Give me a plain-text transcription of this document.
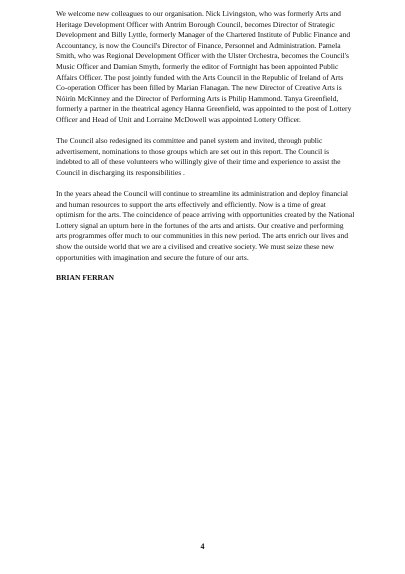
We welcome new colleagues to our organisation. Nick Livingston, who was formerly Arts and Heritage Development Officer with Antrim Borough Council, becomes Director of Strategic Development and Billy Lyttle, formerly Manager of the Chartered Institute of Public Finance and Accountancy, is now the Council's Director of Finance, Personnel and Administration. Pamela Smith, who was Regional Development Officer with the Ulster Orchestra, becomes the Council's Music Officer and Damian Smyth, formerly the editor of Fortnight has been appointed Public Affairs Officer. The post jointly funded with the Arts Council in the Republic of Ireland of Arts Co-operation Officer has been filled by Marian Flanagan. The new Director of Creative Arts is Nóirín McKinney and the Director of Performing Arts is Philip Hammond. Tanya Greenfield, formerly a partner in the theatrical agency Hanna Greenfield, was appointed to the post of Lottery Officer and Head of Unit and Lorraine McDowell was appointed Lottery Officer.

The Council also redesigned its committee and panel system and invited, through public advertisement, nominations to those groups which are set out in this report. The Council is indebted to all of these volunteers who willingly give of their time and experience to assist the Council in discharging its responsibilities .

In the years ahead the Council will continue to streamline its administration and deploy financial and human resources to support the arts effectively and efficiently. Now is a time of great optimism for the arts. The coincidence of peace arriving with opportunities created by the National Lottery signal an upturn here in the fortunes of the arts and artists. Our creative and performing arts programmes offer much to our communities in this new period. The arts enrich our lives and show the outside world that we are a civilised and creative society. We must seize these new opportunities with imagination and secure the future of our arts.

BRIAN FERRAN

4
